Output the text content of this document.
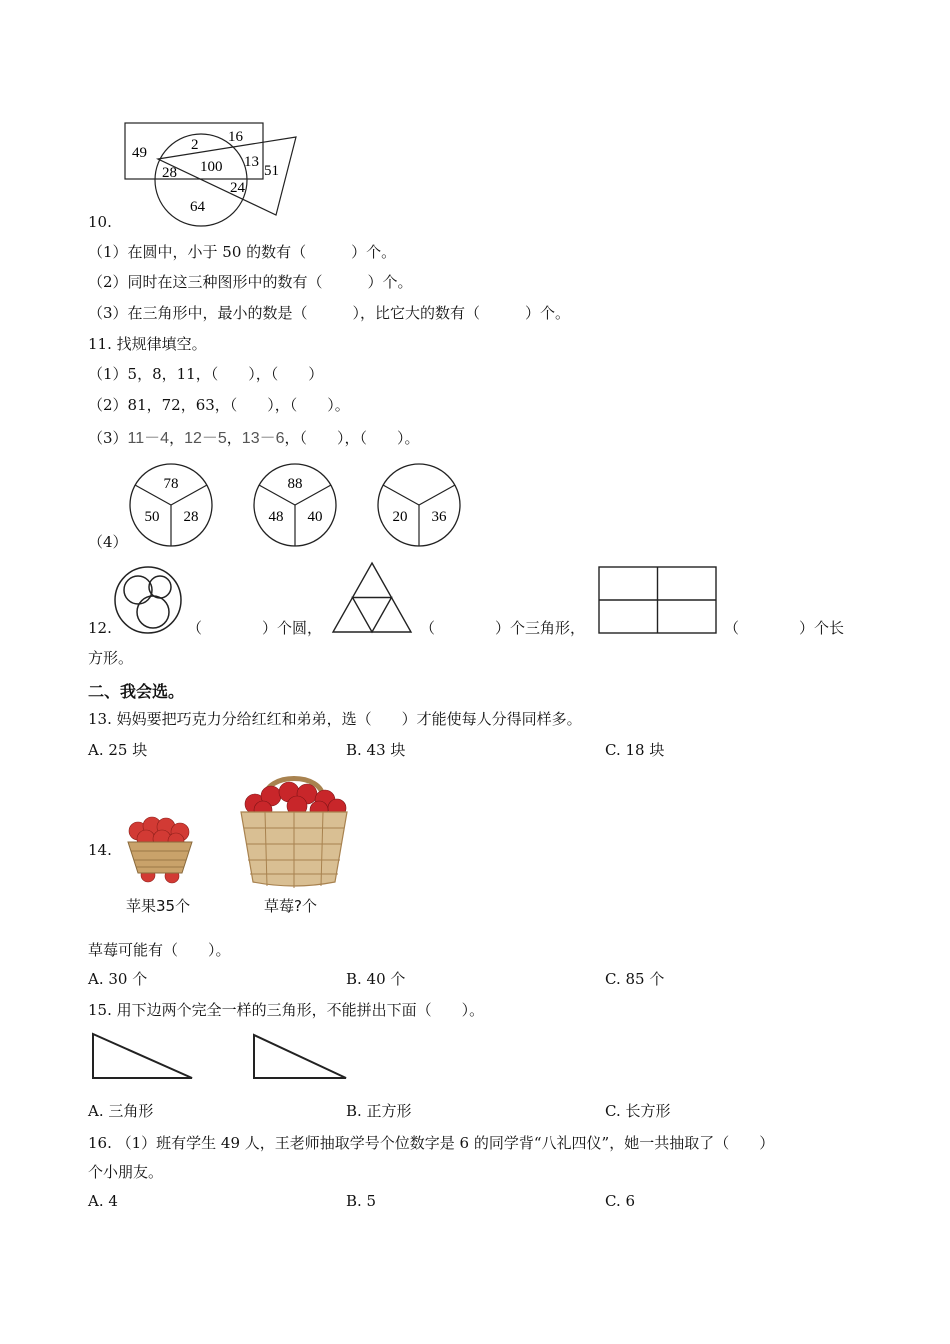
49
16
2
100 13
28
24
51
64
10.
（1）在圆中，小于 50 的数有（　　　）个。
（2）同时在这三种图形中的数有（　　　）个。
（3）在三角形中，最小的数是（　　　），比它大的数有（　　　）个。
11. 找规律填空。
（1）5，8，11，（　　），（　　）
（2）81，72，63，（　　），（　　）。
（3）11－4，12－5，13－6，（　　），（　　）。
78
50 28
88
48 40	20 36
（4）
12.	（　　　　）个圆，	（　　　　）个三角形，	（　　　　）个长
方形。
二、我会选。
13. 妈妈要把巧克力分给红红和弟弟，选（　　）才能使每人分得同样多。
A. 25 块	B. 43 块	C. 18 块
14.
苹果35个	草莓?个
草莓可能有（　　）。
A. 30 个	B. 40 个	C. 85 个
15. 用下边两个完全一样的三角形，不能拼出下面（　　）。
A. 三角形	B. 正方形	C. 长方形
16. （1）班有学生 49 人，王老师抽取学号个位数字是 6 的同学背“八礼四仪”，她一共抽取了（　　）
个小朋友。
A. 4	B. 5	C. 6
